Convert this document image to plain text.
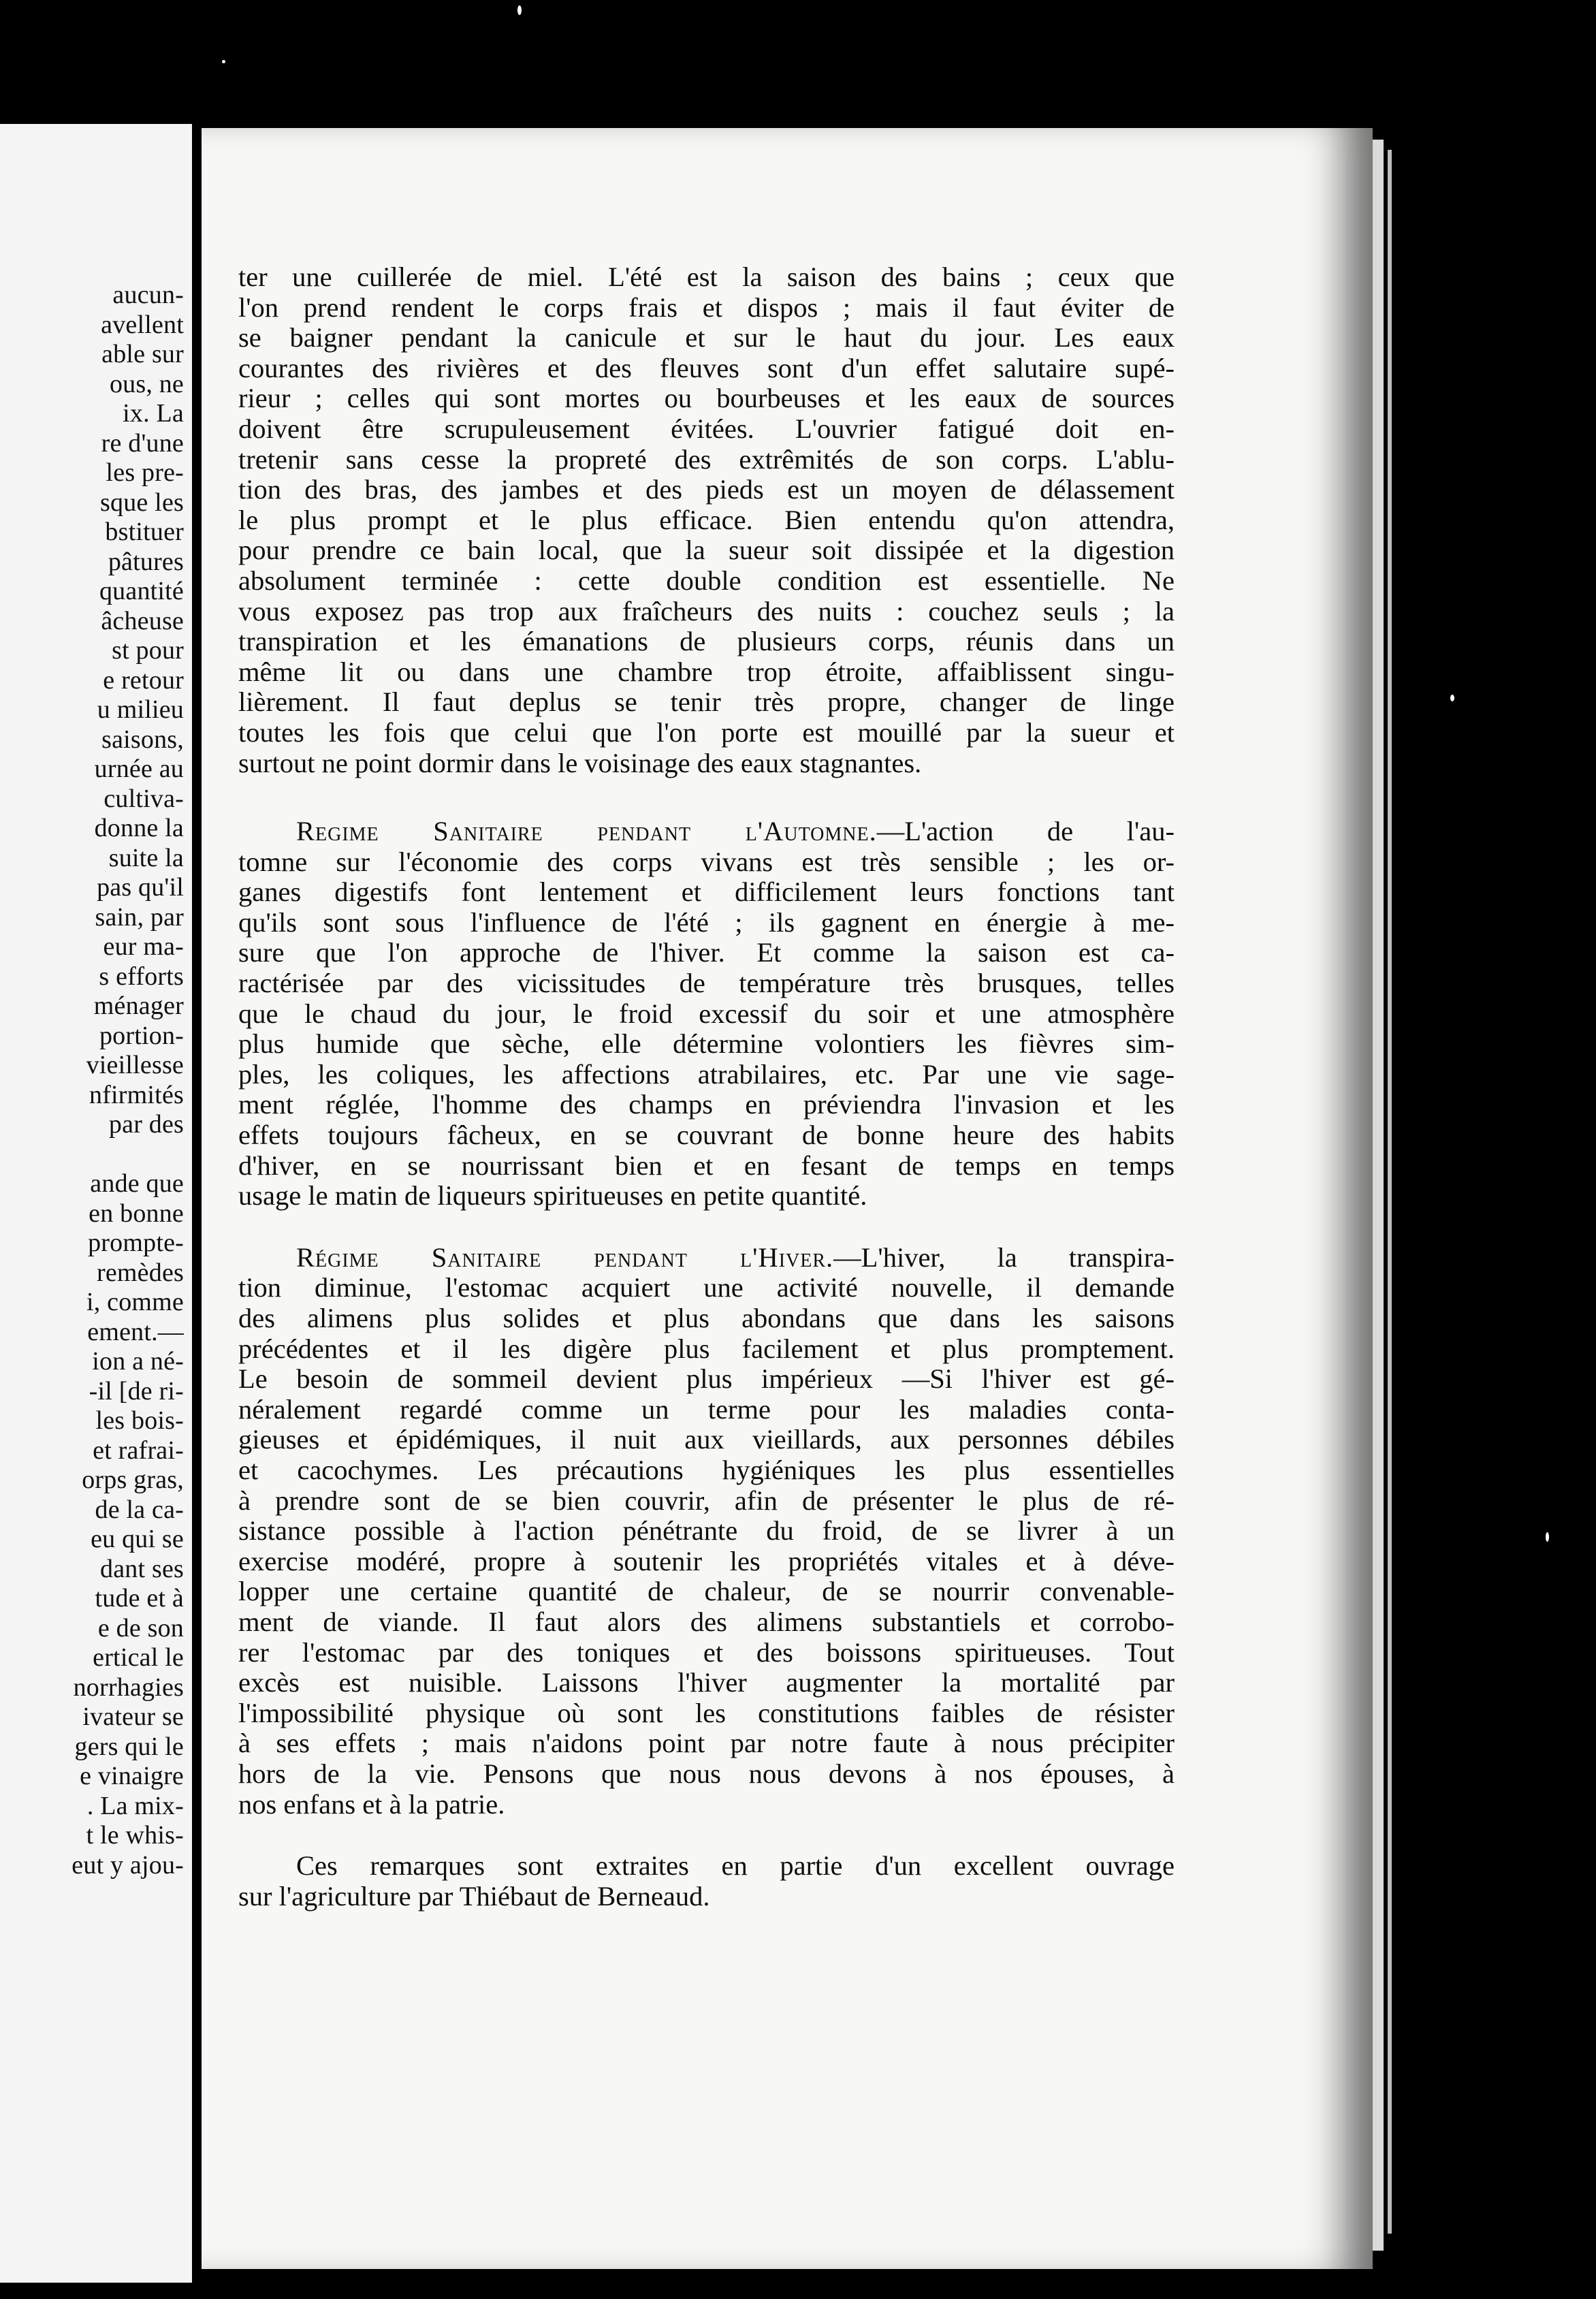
aucun-
avellent
able sur
ous, ne
ix. La
re d'une
les pre-
sque les
bstituer
pâtures
quantité
âcheuse
st pour
e retour
u milieu
saisons,
urnée au
cultiva-
donne la
suite la
pas qu'il
sain, par
eur ma-
s efforts
ménager
portion-
vieillesse
nfirmités
par des
ande que
en bonne
prompte-
remèdes
i, comme
ement.—
ion a né-
-il [de ri-
les bois-
et rafrai-
orps gras,
de la ca-
eu qui se
dant ses
tude et à
e de son
ertical le
norrhagies
ivateur se
gers qui le
e vinaigre
. La mix-
t le whis-
eut y ajou-
ter une cuillerée de miel. L'été est la saison des bains ; ceux que
l'on prend rendent le corps frais et dispos ; mais il faut éviter de
se baigner pendant la canicule et sur le haut du jour. Les eaux
courantes des rivières et des fleuves sont d'un effet salutaire supé-
rieur ; celles qui sont mortes ou bourbeuses et les eaux de sources
doivent être scrupuleusement évitées. L'ouvrier fatigué doit en-
tretenir sans cesse la propreté des extrêmités de son corps. L'ablu-
tion des bras, des jambes et des pieds est un moyen de délassement
le plus prompt et le plus efficace. Bien entendu qu'on attendra,
pour prendre ce bain local, que la sueur soit dissipée et la digestion
absolument terminée : cette double condition est essentielle. Ne
vous exposez pas trop aux fraîcheurs des nuits : couchez seuls ; la
transpiration et les émanations de plusieurs corps, réunis dans un
même lit ou dans une chambre trop étroite, affaiblissent singu-
lièrement. Il faut deplus se tenir très propre, changer de linge
toutes les fois que celui que l'on porte est mouillé par la sueur et
surtout ne point dormir dans le voisinage des eaux stagnantes.
Regime Sanitaire pendant l'Automne.—L'action de l'au-
tomne sur l'économie des corps vivans est très sensible ; les or-
ganes digestifs font lentement et difficilement leurs fonctions tant
qu'ils sont sous l'influence de l'été ; ils gagnent en énergie à me-
sure que l'on approche de l'hiver. Et comme la saison est ca-
ractérisée par des vicissitudes de température très brusques, telles
que le chaud du jour, le froid excessif du soir et une atmosphère
plus humide que sèche, elle détermine volontiers les fièvres sim-
ples, les coliques, les affections atrabilaires, etc. Par une vie sage-
ment réglée, l'homme des champs en préviendra l'invasion et les
effets toujours fâcheux, en se couvrant de bonne heure des habits
d'hiver, en se nourrissant bien et en fesant de temps en temps
usage le matin de liqueurs spiritueuses en petite quantité.
Régime Sanitaire pendant l'Hiver.—L'hiver, la transpira-
tion diminue, l'estomac acquiert une activité nouvelle, il demande
des alimens plus solides et plus abondans que dans les saisons
précédentes et il les digère plus facilement et plus promptement.
Le besoin de sommeil devient plus impérieux —Si l'hiver est gé-
néralement regardé comme un terme pour les maladies conta-
gieuses et épidémiques, il nuit aux vieillards, aux personnes débiles
et cacochymes. Les précautions hygiéniques les plus essentielles
à prendre sont de se bien couvrir, afin de présenter le plus de ré-
sistance possible à l'action pénétrante du froid, de se livrer à un
exercise modéré, propre à soutenir les propriétés vitales et à déve-
lopper une certaine quantité de chaleur, de se nourrir convenable-
ment de viande. Il faut alors des alimens substantiels et corrobo-
rer l'estomac par des toniques et des boissons spiritueuses. Tout
excès est nuisible. Laissons l'hiver augmenter la mortalité par
l'impossibilité physique où sont les constitutions faibles de résister
à ses effets ; mais n'aidons point par notre faute à nous précipiter
hors de la vie. Pensons que nous nous devons à nos épouses, à
nos enfans et à la patrie.
Ces remarques sont extraites en partie d'un excellent ouvrage
sur l'agriculture par Thiébaut de Berneaud.
